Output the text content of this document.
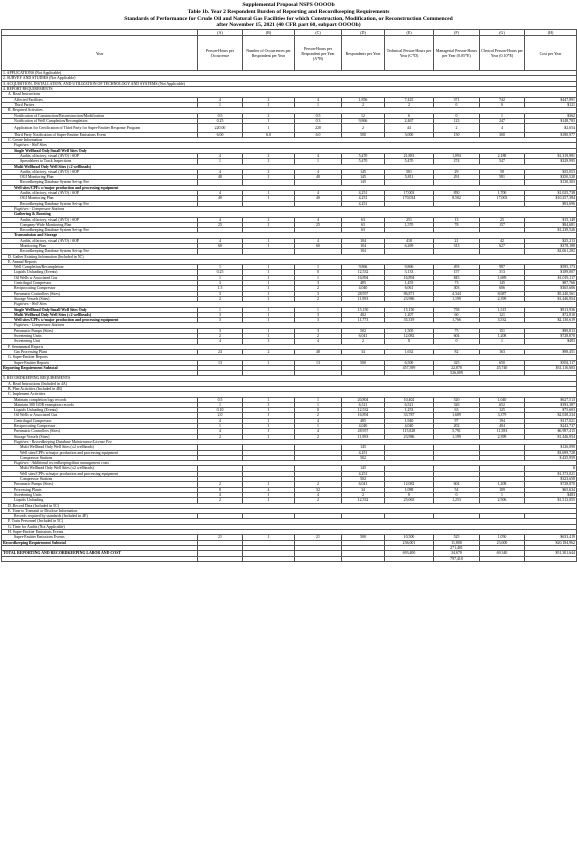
Supplemental Proposal NSPS OOOOb
Table 1b. Year 2 Respondent Burden of Reporting and Recordkeeping Requirements
Standards of Performance for Crude Oil and Natural Gas Facilities for which Construction, Modification, or Reconstruction Commenced
after November 15, 2021 (40 CFR part 60, subpart OOOOb)
	(A)	(B)	(C)	(D)	(E)	(F)	(G)	(H)
Year	Person-Hours per Occurrence	Number of Occurrences per Respondent per Year	Person-Hours per Respondent per Year (A*B)	Respondents per Year	Technical Person-Hours per Year (C*D)	Managerial Person-Hours per Year (0.05*E)	Clerical Person-Hours per Year (0.10*E)	Cost per Year
1. APPLICATIONS (Not Applicable)								
2. SURVEY AND STUDIES (Not Applicable)								
3. ACQUISITION, INSTALLATION, AND UTILIZATION OF TECHNOLOGY AND SYSTEMS (Not Applicable)								
4. REPORT REQUIREMENTS								
A. Read Instructions								
Affected Facilities	4	1	4	1,856	7,425	371	742	$447,891
Third Parties	1	1	1	2	2	0	0	$121
B. Required Activities								
Notification of Construction/Reconstruction/Modification	0.5	1	0.5	12	6	0	1	$362
Notification of Well Completion/Recompletion	0.25	1	0.3	9,866	2,467	123	247	$148,783
Application for Certification of Third Party for Super-Emitter Response Program	220.00	1	220	2	44	2	4	$2,654
Third Party Notification of Super-Emitter Emissions Event	6.00	6.0	6.0	500	3,000	150	300	$180,977
C. Create Information								
Fugitives - Well Sites								
Single Wellhead Only/Small Well Sites Only								
Audits, olfactory, visual (AVO) / SOP	4	1	4	5,470	21,881	1,094	2,188	$1,319,981
Spreadsheet to Track Inspections	1	1	1	5,470	5,470	274	547	$329,995
Multi Wellhead Only Well Sites (≤2 wellheads)								
Audits, olfactory, visual (AVO) / SOP	4	1	4	145	581	29	58	$35,053
OGI Monitoring Plan	40	1	40	145	5,811	291	581	$350,520
Recordkeeping Database System Set-up Fee				145				$130,303
Well sites/CPFs w/major production and processing equipment								
Audits, olfactory, visual (AVO) / SOP	4	1	4	4,251	17,003	850	1,700	$1,025,738
OGI Monitoring Plan	40	1	40	4,251	170,034	8,502	17,003	$10,257,384
Recordkeeping Database System Set-up Fee				4,251				$93,696
Fugitives - Compressor Stations								
Gathering & Boosting								
Audits, olfactory, visual (AVO) / SOP	4	1	4	63	251	13	25	$15,149
Company-Wide Monitoring Plan	25	1	25	63	1,570	78	157	$94,681
Recordkeeping Database System Set-up Fee				63				$1,239,526
Transmission and Storage								
Audits, olfactory, visual (AVO) / SOP	4	1	4	104	418	21	42	$25,213
Monitoring Plan	60	1	60	104	6,269	313	627	$378,188
Recordkeeping Database System Set-up Fee				104				$2,061,282
D. Gather Existing Information (Included in 5C)								
E. Annual Reports								
Well Completion/Recompletion	1	1	1	9,866	9,866	493	987	$595,173
Liquids Unloading (Events)	0.25	1	0	12,532	3,133	157	313	$189,007
Oil Wells w Associated Gas	1	1	1	16,894	16,894	845	1,689	$1,019,117
Centrifugal Compressor	3	1	3	485	1,455	73	145	$87,766
Reciprocating Compressor	1.5	1	2	4,040	6,061	303	606	$365,606
Pneumatic Controllers (Sites)	3	1	3	28,957	86,871	4,344	8,687	$5,240,561
Storage Vessels (Sites)	2	1	2	11,993	23,986	1,199	2,399	$1,446,954
Fugitives - Well Sites								
Single Wellhead Only/Small Well Sites Only	1	1	1	15,150	15,150	758	1,515	$913,936
Multi Wellhead Only Well Sites (≤2 wellheads)	3	1	3	402	1,207	60	121	$72,810
Well sites/CPFs w/major production and processing equipment	3	1	3	11,773	35,319	1,766	3,532	$2,130,619
Fugitives - Compressor Stations								
Pneumatic Pumps (Sites)	3	1	3	502	1,505	75	151	$90,813
Sweetening Units	2	1	2	6,041	12,082	604	1,208	$728,870
Sweetening Unit	4	1	4	2	8	0	1	$483
F. Semiannual Reports								
Gas Processing Plant	24	2	48	34	1,632	82	163	$98,451
G. Super-Emitter Reports								
Super-Emitter Reports	13	1	13	500	6,500	325	650	$392,117
Reporting Requirement Subtotal					457,399	22,870	45,740	$31,116,683
						526,009		
5. RECORDKEEPING REQUIREMENTS								
A. Read Instructions (Included in 4A)								
B. Plan Activities (Included in 4B)								
C. Implement Activities								
Maintain completion logs records	0.5	1	1	20,804	10,402	520	1,040	$627,513
Maintain 300 GOR exemption records	1	1	1	6,521	6,521	326	652	$393,387
Liquids Unloading (Events)	0.10	1	0	12,532	1,253	63	125	$75,603
Oil Wells w Associated Gas	2.0	1	2	16,894	33,787	1,689	3,379	$2,038,234
Centrifugal Compressor	4	1	4	485	1,940	97	194	$117,021
Reciprocating Compressor	1	1	1	4,040	4,040	202	404	$243,737
Pneumatic Controllers (Sites)	4	1	4	28,957	115,828	5,791	11,583	$6,987,415
Storage Vessels (Sites)	2	1	2	11,993	23,986	1,199	2,399	$1,446,954
Fugitives - Recordkeeping Database Maintenance/License Fee								
Multi Wellhead Only Well Sites (≤2 wellheads)				145				$126,090
Well sites/CPFs w/major production and processing equipment				4,251				$3,699,728
Compressor Stations				502				$ 435,959
Fugitives - Additional recordkeeping/data management costs								
Multi Wellhead Only Well Sites (≤2 wellheads)				145				$
Well sites/CPFs w/major production and processing equipment				4,251				$1,373,021
Compressor Stations				502				$323,658
Pneumatic Pumps (Sites)	2	1	2	6,041	12,082	604	1,208	$728,870
Processing Plants	8	4	32	34	1,088	54	109	$65,634
Sweetening Units	4	1	4	2	8	0	1	$483
Liquids Unloading	2	1	2	12,532	25,065	1,253	2,506	$1,512,055
D. Record Data (Included in 5C)								
E. Time to Transmit or Disclose Information								
Records required by standards (Included in 4E)								
F. Train Personnel (Included in 5C)								
G. Time for Audits (Not Applicable)								
H. Super-Emitter Emissions Events								
Super-Emitter Emissions Events	21	1	21	500	10,500	525	1,050	$633,419
Recordkeeping Requirement Subtotal					236,001	11,800	23,600	$20,184,962
						271,401		
TOTAL REPORTING AND RECORDKEEPING LABOR AND COST					693,400	34,670	69,340	$51,301,644
						797,410		
